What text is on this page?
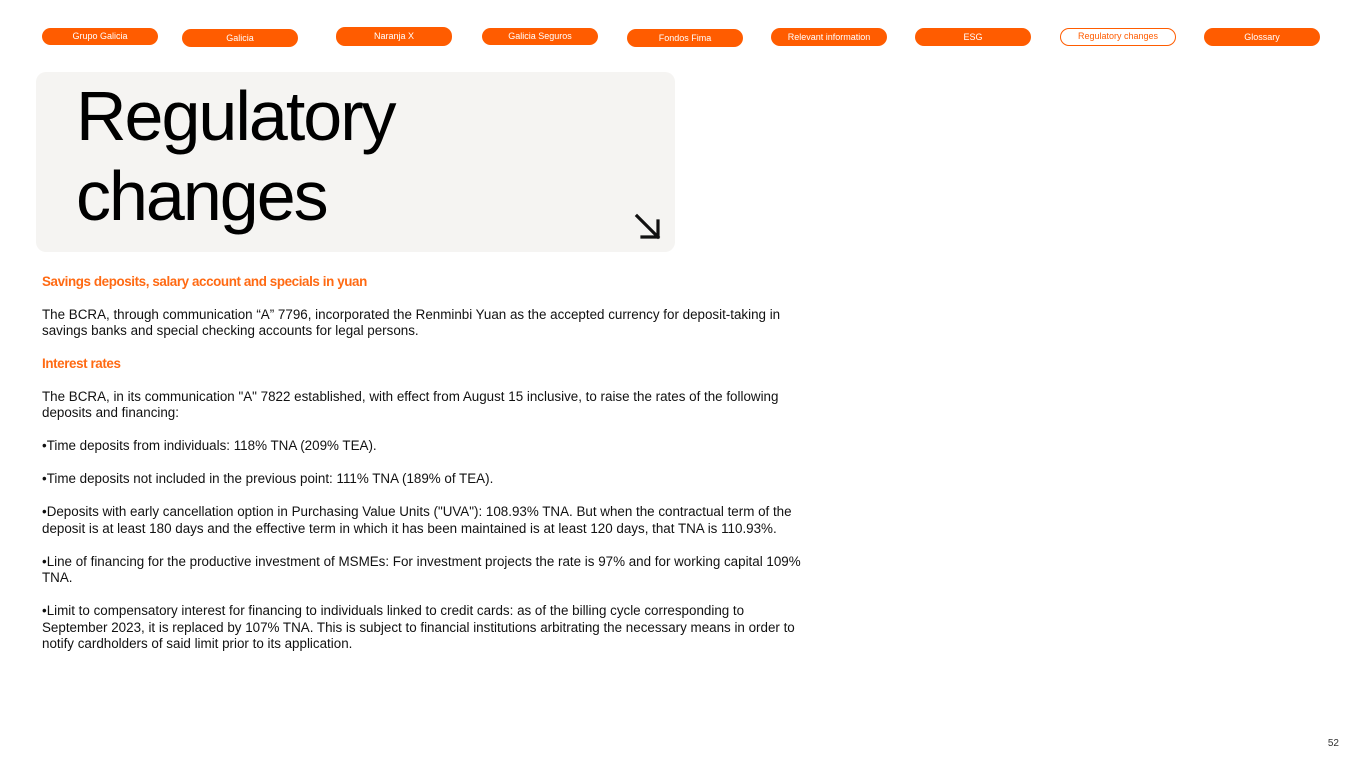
Grupo Galicia	Galicia	Naranja X	Galicia Seguros	Fondos Fima	Relevant information	ESG	Regulatory changes	Glossary
Regulatory
changes

Savings deposits, salary account and specials in yuan

The BCRA, through communication “A” 7796, incorporated the Renminbi Yuan as the accepted currency for deposit-taking in savings banks and special checking accounts for legal persons.

Interest rates

The BCRA, in its communication "A" 7822 established, with effect from August 15 inclusive, to raise the rates of the following deposits and financing:

•Time deposits from individuals: 118% TNA (209% TEA).

•Time deposits not included in the previous point: 111% TNA (189% of TEA).

•Deposits with early cancellation option in Purchasing Value Units ("UVA"): 108.93% TNA. But when the contractual term of the deposit is at least 180 days and the effective term in which it has been maintained is at least 120 days, that TNA is 110.93%.

•Line of financing for the productive investment of MSMEs: For investment projects the rate is 97% and for working capital 109% TNA.

•Limit to compensatory interest for financing to individuals linked to credit cards: as of the billing cycle corresponding to September 2023, it is replaced by 107% TNA. This is subject to financial institutions arbitrating the necessary means in order to notify cardholders of said limit prior to its application.

52
